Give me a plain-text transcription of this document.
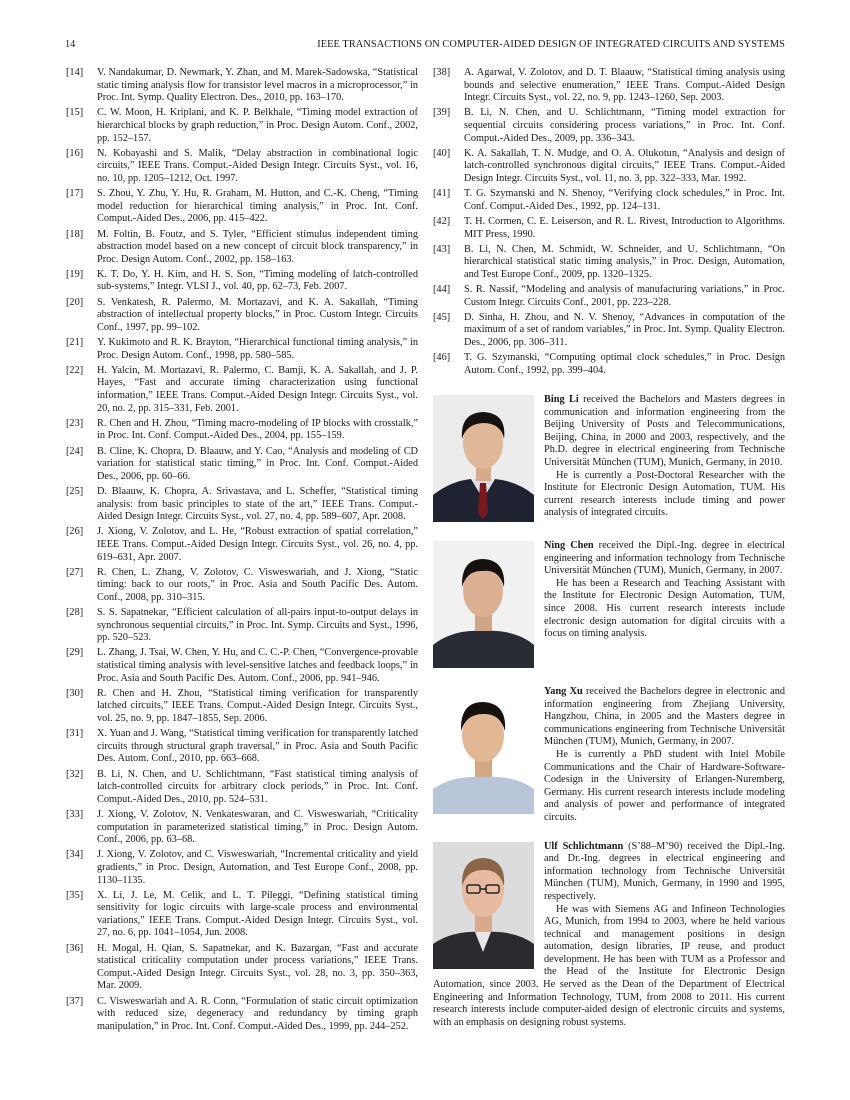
14	IEEE TRANSACTIONS ON COMPUTER-AIDED DESIGN OF INTEGRATED CIRCUITS AND SYSTEMS
[14] V. Nandakumar, D. Newmark, Y. Zhan, and M. Marek-Sadowska, “Statistical static timing analysis flow for transistor level macros in a microprocessor,” in Proc. Int. Symp. Quality Electron. Des., 2010, pp. 163–170.
[15] C. W. Moon, H. Kriplani, and K. P. Belkhale, “Timing model extraction of hierarchical blocks by graph reduction,” in Proc. Design Autom. Conf., 2002, pp. 152–157.
[16] N. Kobayashi and S. Malik, “Delay abstraction in combinational logic circuits,” IEEE Trans. Comput.-Aided Design Integr. Circuits Syst., vol. 16, no. 10, pp. 1205–1212, Oct. 1997.
[17] S. Zhou, Y. Zhu, Y. Hu, R. Graham, M. Hutton, and C.-K. Cheng, “Timing model reduction for hierarchical timing analysis,” in Proc. Int. Conf. Comput.-Aided Des., 2006, pp. 415–422.
[18] M. Foltin, B. Foutz, and S. Tyler, “Efficient stimulus independent timing abstraction model based on a new concept of circuit block transparency,” in Proc. Design Autom. Conf., 2002, pp. 158–163.
[19] K. T. Do, Y. H. Kim, and H. S. Son, “Timing modeling of latch-controlled sub-systems,” Integr. VLSI J., vol. 40, pp. 62–73, Feb. 2007.
[20] S. Venkatesh, R. Palermo, M. Mortazavi, and K. A. Sakallah, “Timing abstraction of intellectual property blocks,” in Proc. Custom Integr. Circuits Conf., 1997, pp. 99–102.
[21] Y. Kukimoto and R. K. Brayton, “Hierarchical functional timing analysis,” in Proc. Design Autom. Conf., 1998, pp. 580–585.
[22] H. Yalcin, M. Mortazavi, R. Palermo, C. Bamji, K. A. Sakallah, and J. P. Hayes, “Fast and accurate timing characterization using functional information,” IEEE Trans. Comput.-Aided Design Integr. Circuits Syst., vol. 20, no. 2, pp. 315–331, Feb. 2001.
[23] R. Chen and H. Zhou, “Timing macro-modeling of IP blocks with crosstalk,” in Proc. Int. Conf. Comput.-Aided Des., 2004, pp. 155–159.
[24] B. Cline, K. Chopra, D. Blaauw, and Y. Cao, “Analysis and modeling of CD variation for statistical static timing,” in Proc. Int. Conf. Comput.-Aided Des., 2006, pp. 60–66.
[25] D. Blaauw, K. Chopra, A. Srivastava, and L. Scheffer, “Statistical timing analysis: from basic principles to state of the art,” IEEE Trans. Comput.-Aided Design Integr. Circuits Syst., vol. 27, no. 4, pp. 589–607, Apr. 2008.
[26] J. Xiong, V. Zolotov, and L. He, “Robust extraction of spatial correlation,” IEEE Trans. Comput.-Aided Design Integr. Circuits Syst., vol. 26, no. 4, pp. 619–631, Apr. 2007.
[27] R. Chen, L. Zhang, V. Zolotov, C. Visweswariah, and J. Xiong, “Static timing: back to our roots,” in Proc. Asia and South Pacific Des. Autom. Conf., 2008, pp. 310–315.
[28] S. S. Sapatnekar, “Efficient calculation of all-pairs input-to-output delays in synchronous sequential circuits,” in Proc. Int. Symp. Circuits and Syst., 1996, pp. 520–523.
[29] L. Zhang, J. Tsai, W. Chen, Y. Hu, and C. C.-P. Chen, “Convergence-provable statistical timing analysis with level-sensitive latches and feedback loops,” in Proc. Asia and South Pacific Des. Autom. Conf., 2006, pp. 941–946.
[30] R. Chen and H. Zhou, “Statistical timing verification for transparently latched circuits,” IEEE Trans. Comput.-Aided Design Integr. Circuits Syst., vol. 25, no. 9, pp. 1847–1855, Sep. 2006.
[31] X. Yuan and J. Wang, “Statistical timing verification for transparently latched circuits through structural graph traversal,” in Proc. Asia and South Pacific Des. Autom. Conf., 2010, pp. 663–668.
[32] B. Li, N. Chen, and U. Schlichtmann, “Fast statistical timing analysis of latch-controlled circuits for arbitrary clock periods,” in Proc. Int. Conf. Comput.-Aided Des., 2010, pp. 524–531.
[33] J. Xiong, V. Zolotov, N. Venkateswaran, and C. Visweswariah, “Criticality computation in parameterized statistical timing,” in Proc. Design Autom. Conf., 2006, pp. 63–68.
[34] J. Xiong, V. Zolotov, and C. Visweswariah, “Incremental criticality and yield gradients,” in Proc. Design, Automation, and Test Europe Conf., 2008, pp. 1130–1135.
[35] X. Li, J. Le, M. Celik, and L. T. Pileggi, “Defining statistical timing sensitivity for logic circuits with large-scale process and environmental variations,” IEEE Trans. Comput.-Aided Design Integr. Circuits Syst., vol. 27, no. 6, pp. 1041–1054, Jun. 2008.
[36] H. Mogal, H. Qian, S. Sapatnekar, and K. Bazargan, “Fast and accurate statistical criticality computation under process variations,” IEEE Trans. Comput.-Aided Design Integr. Circuits Syst., vol. 28, no. 3, pp. 350–363, Mar. 2009.
[37] C. Visweswariah and A. R. Conn, “Formulation of static circuit optimization with reduced size, degeneracy and redundancy by timing graph manipulation,” in Proc. Int. Conf. Comput.-Aided Des., 1999, pp. 244–252.
[38] A. Agarwal, V. Zolotov, and D. T. Blaauw, “Statistical timing analysis using bounds and selective enumeration,” IEEE Trans. Comput.-Aided Design Integr. Circuits Syst., vol. 22, no. 9, pp. 1243–1260, Sep. 2003.
[39] B. Li, N. Chen, and U. Schlichtmann, “Timing model extraction for sequential circuits considering process variations,” in Proc. Int. Conf. Comput.-Aided Des., 2009, pp. 336–343.
[40] K. A. Sakallah, T. N. Mudge, and O. A. Olukotun, “Analysis and design of latch-controlled synchronous digital circuits,” IEEE Trans. Comput.-Aided Design Integr. Circuits Syst., vol. 11, no. 3, pp. 322–333, Mar. 1992.
[41] T. G. Szymanski and N. Shenoy, “Verifying clock schedules,” in Proc. Int. Conf. Comput.-Aided Des., 1992, pp. 124–131.
[42] T. H. Cormen, C. E. Leiserson, and R. L. Rivest, Introduction to Algorithms. MIT Press, 1990.
[43] B. Li, N. Chen, M. Schmidt, W. Schneider, and U. Schlichtmann, “On hierarchical statistical static timing analysis,” in Proc. Design, Automation, and Test Europe Conf., 2009, pp. 1320–1325.
[44] S. R. Nassif, “Modeling and analysis of manufacturing variations,” in Proc. Custom Integr. Circuits Conf., 2001, pp. 223–228.
[45] D. Sinha, H. Zhou, and N. V. Shenoy, “Advances in computation of the maximum of a set of random variables,” in Proc. Int. Symp. Quality Electron. Des., 2006, pp. 306–311.
[46] T. G. Szymanski, “Computing optimal clock schedules,” in Proc. Design Autom. Conf., 1992, pp. 399–404.

Bing Li received the Bachelors and Masters degrees in communication and information engineering from the Beijing University of Posts and Telecommunications, Beijing, China, in 2000 and 2003, respectively, and the Ph.D. degree in electrical engineering from Technische Universität München (TUM), Munich, Germany, in 2010.

He is currently a Post-Doctoral Researcher with the Institute for Electronic Design Automation, TUM. His current research interests include timing and power analysis of integrated circuits.

Ning Chen received the Dipl.-Ing. degree in electrical engineering and information technology from Technische Universität München (TUM), Munich, Germany, in 2007.

He has been a Research and Teaching Assistant with the Institute for Electronic Design Automation, TUM, since 2008. His current research interests include electronic design automation for digital circuits with a focus on timing analysis.

Yang Xu received the Bachelors degree in electronic and information engineering from Zhejiang University, Hangzhou, China, in 2005 and the Masters degree in communications engineering from Technische Universität München (TUM), Munich, Germany, in 2007.

He is currently a PhD student with Intel Mobile Communications and the Chair of Hardware-Software-Codesign in the University of Erlangen-Nuremberg, Germany. His current research interests include modeling and analysis of power and performance of integrated circuits.

Ulf Schlichtmann (S’88–M’90) received the Dipl.-Ing. and Dr.-Ing. degrees in electrical engineering and information technology from Technische Universität München (TUM), Munich, Germany, in 1990 and 1995, respectively.

He was with Siemens AG and Infineon Technologies AG, Munich, from 1994 to 2003, where he held various technical and management positions in design automation, design libraries, IP reuse, and product development. He has been with TUM as a Professor and the Head of the Institute for Electronic Design Automation, since 2003. He served as the Dean of the Department of Electrical Engineering and Information Technology, TUM, from 2008 to 2011. His current research interests include computer-aided design of electronic circuits and systems, with an emphasis on designing robust systems.
